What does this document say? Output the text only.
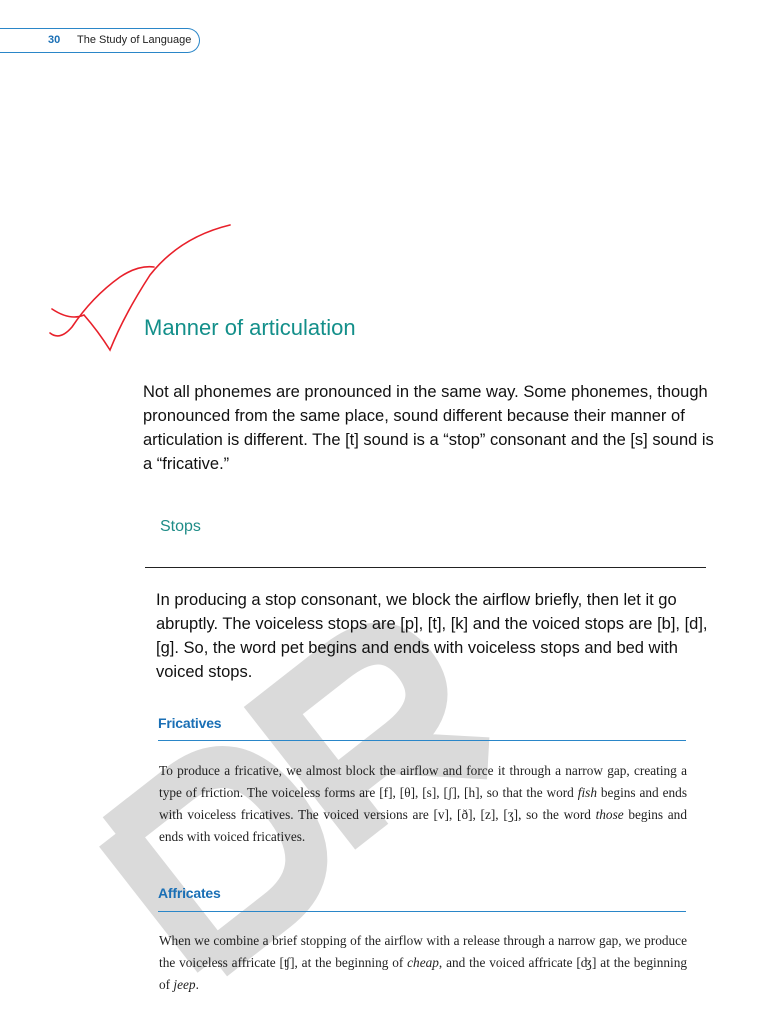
30 The Study of Language
Manner of articulation

Not all phonemes are pronounced in the same way. Some phonemes, though pronounced from the same place, sound different because their manner of articulation is different. The [t] sound is a “stop” consonant and the [s] sound is a “fricative.”

Stops

In producing a stop consonant, we block the airflow briefly, then let it go abruptly. The voiceless stops are [p], [t], [k] and the voiced stops are [b], [d], [g]. So, the word pet begins and ends with voiceless stops and bed with voiced stops.

Fricatives

To produce a fricative, we almost block the airflow and force it through a narrow gap, creating a type of friction. The voiceless forms are [f], [θ], [s], [ʃ], [h], so that the word fish begins and ends with voiceless fricatives. The voiced versions are [v], [ð], [z], [ʒ], so the word those begins and ends with voiced fricatives.

Affricates

When we combine a brief stopping of the airflow with a release through a narrow gap, we produce the voiceless affricate [ʧ], at the beginning of cheap, and the voiced affricate [ʤ] at the beginning of jeep.
